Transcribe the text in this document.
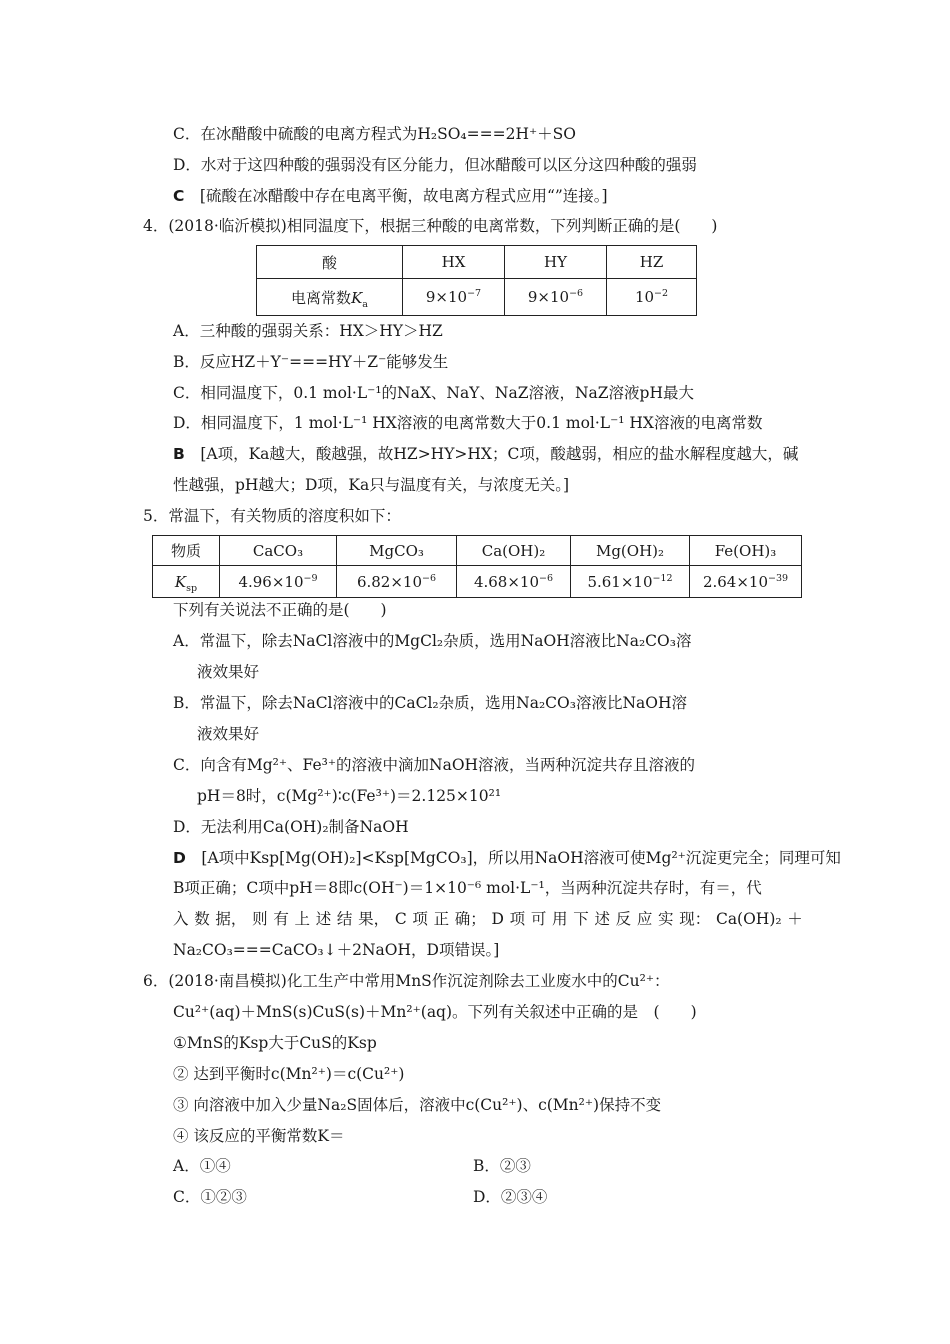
C．在冰醋酸中硫酸的电离方程式为H₂SO₄===2H⁺＋SO
D．水对于这四种酸的强弱没有区分能力，但冰醋酸可以区分这四种酸的强弱
C　 [硫酸在冰醋酸中存在电离平衡，故电离方程式应用“”连接。]
4．(2018·临沂模拟)相同温度下，根据三种酸的电离常数，下列判断正确的是(　　)
酸	HX	HY	HZ
电离常数$K_a$	$9\times 10^{-7}$	$9\times 10^{-6}$	$10^{-2}$
A．三种酸的强弱关系：HX＞HY＞HZ
B．反应HZ＋Y⁻===HY＋Z⁻能够发生
C．相同温度下，0.1 mol·L⁻¹的NaX、NaY、NaZ溶液，NaZ溶液pH最大
D．相同温度下，1 mol·L⁻¹ HX溶液的电离常数大于0.1 mol·L⁻¹ HX溶液的电离常数
B　 [A项，Ka越大，酸越强，故HZ>HY>HX；C项，酸越弱，相应的盐水解程度越大，碱
性越强，pH越大；D项，Ka只与温度有关，与浓度无关。]
5．常温下，有关物质的溶度积如下：
物质	CaCO₃	MgCO₃	Ca(OH)₂	Mg(OH)₂	Fe(OH)₃
$K_{sp}$	$4.96\times 10^{-9}$	$6.82\times 10^{-6}$	$4.68\times 10^{-6}$	$5.61\times 10^{-12}$	$2.64\times 10^{-39}$
下列有关说法不正确的是(　　)
A．常温下，除去NaCl溶液中的MgCl₂杂质，选用NaOH溶液比Na₂CO₃溶
液效果好
B．常温下，除去NaCl溶液中的CaCl₂杂质，选用Na₂CO₃溶液比NaOH溶
液效果好
C．向含有Mg²⁺、Fe³⁺的溶液中滴加NaOH溶液，当两种沉淀共存且溶液的
pH＝8时，c(Mg²⁺)∶c(Fe³⁺)＝2.125×10²¹
D．无法利用Ca(OH)₂制备NaOH
D　 [A项中Ksp[Mg(OH)₂]<Ksp[MgCO₃]，所以用NaOH溶液可使Mg²⁺沉淀更完全；同理可知
B项正确；C项中pH＝8即c(OH⁻)＝1×10⁻⁶ mol·L⁻¹，当两种沉淀共存时，有＝，代
入 数 据， 则 有 上 述 结 果， C 项 正 确； D 项 可 用 下 述 反 应 实 现： Ca(OH)₂ ＋
Na₂CO₃===CaCO₃↓＋2NaOH，D项错误。]
6．(2018·南昌模拟)化工生产中常用MnS作沉淀剂除去工业废水中的Cu²⁺：
Cu²⁺(aq)＋MnS(s)CuS(s)＋Mn²⁺(aq)。下列有关叙述中正确的是　(　　)
①MnS的Ksp大于CuS的Ksp
② 达到平衡时c(Mn²⁺)＝c(Cu²⁺)
③ 向溶液中加入少量Na₂S固体后，溶液中c(Cu²⁺)、c(Mn²⁺)保持不变
④ 该反应的平衡常数K＝
A．①④	B．②③
C．①②③	D．②③④
